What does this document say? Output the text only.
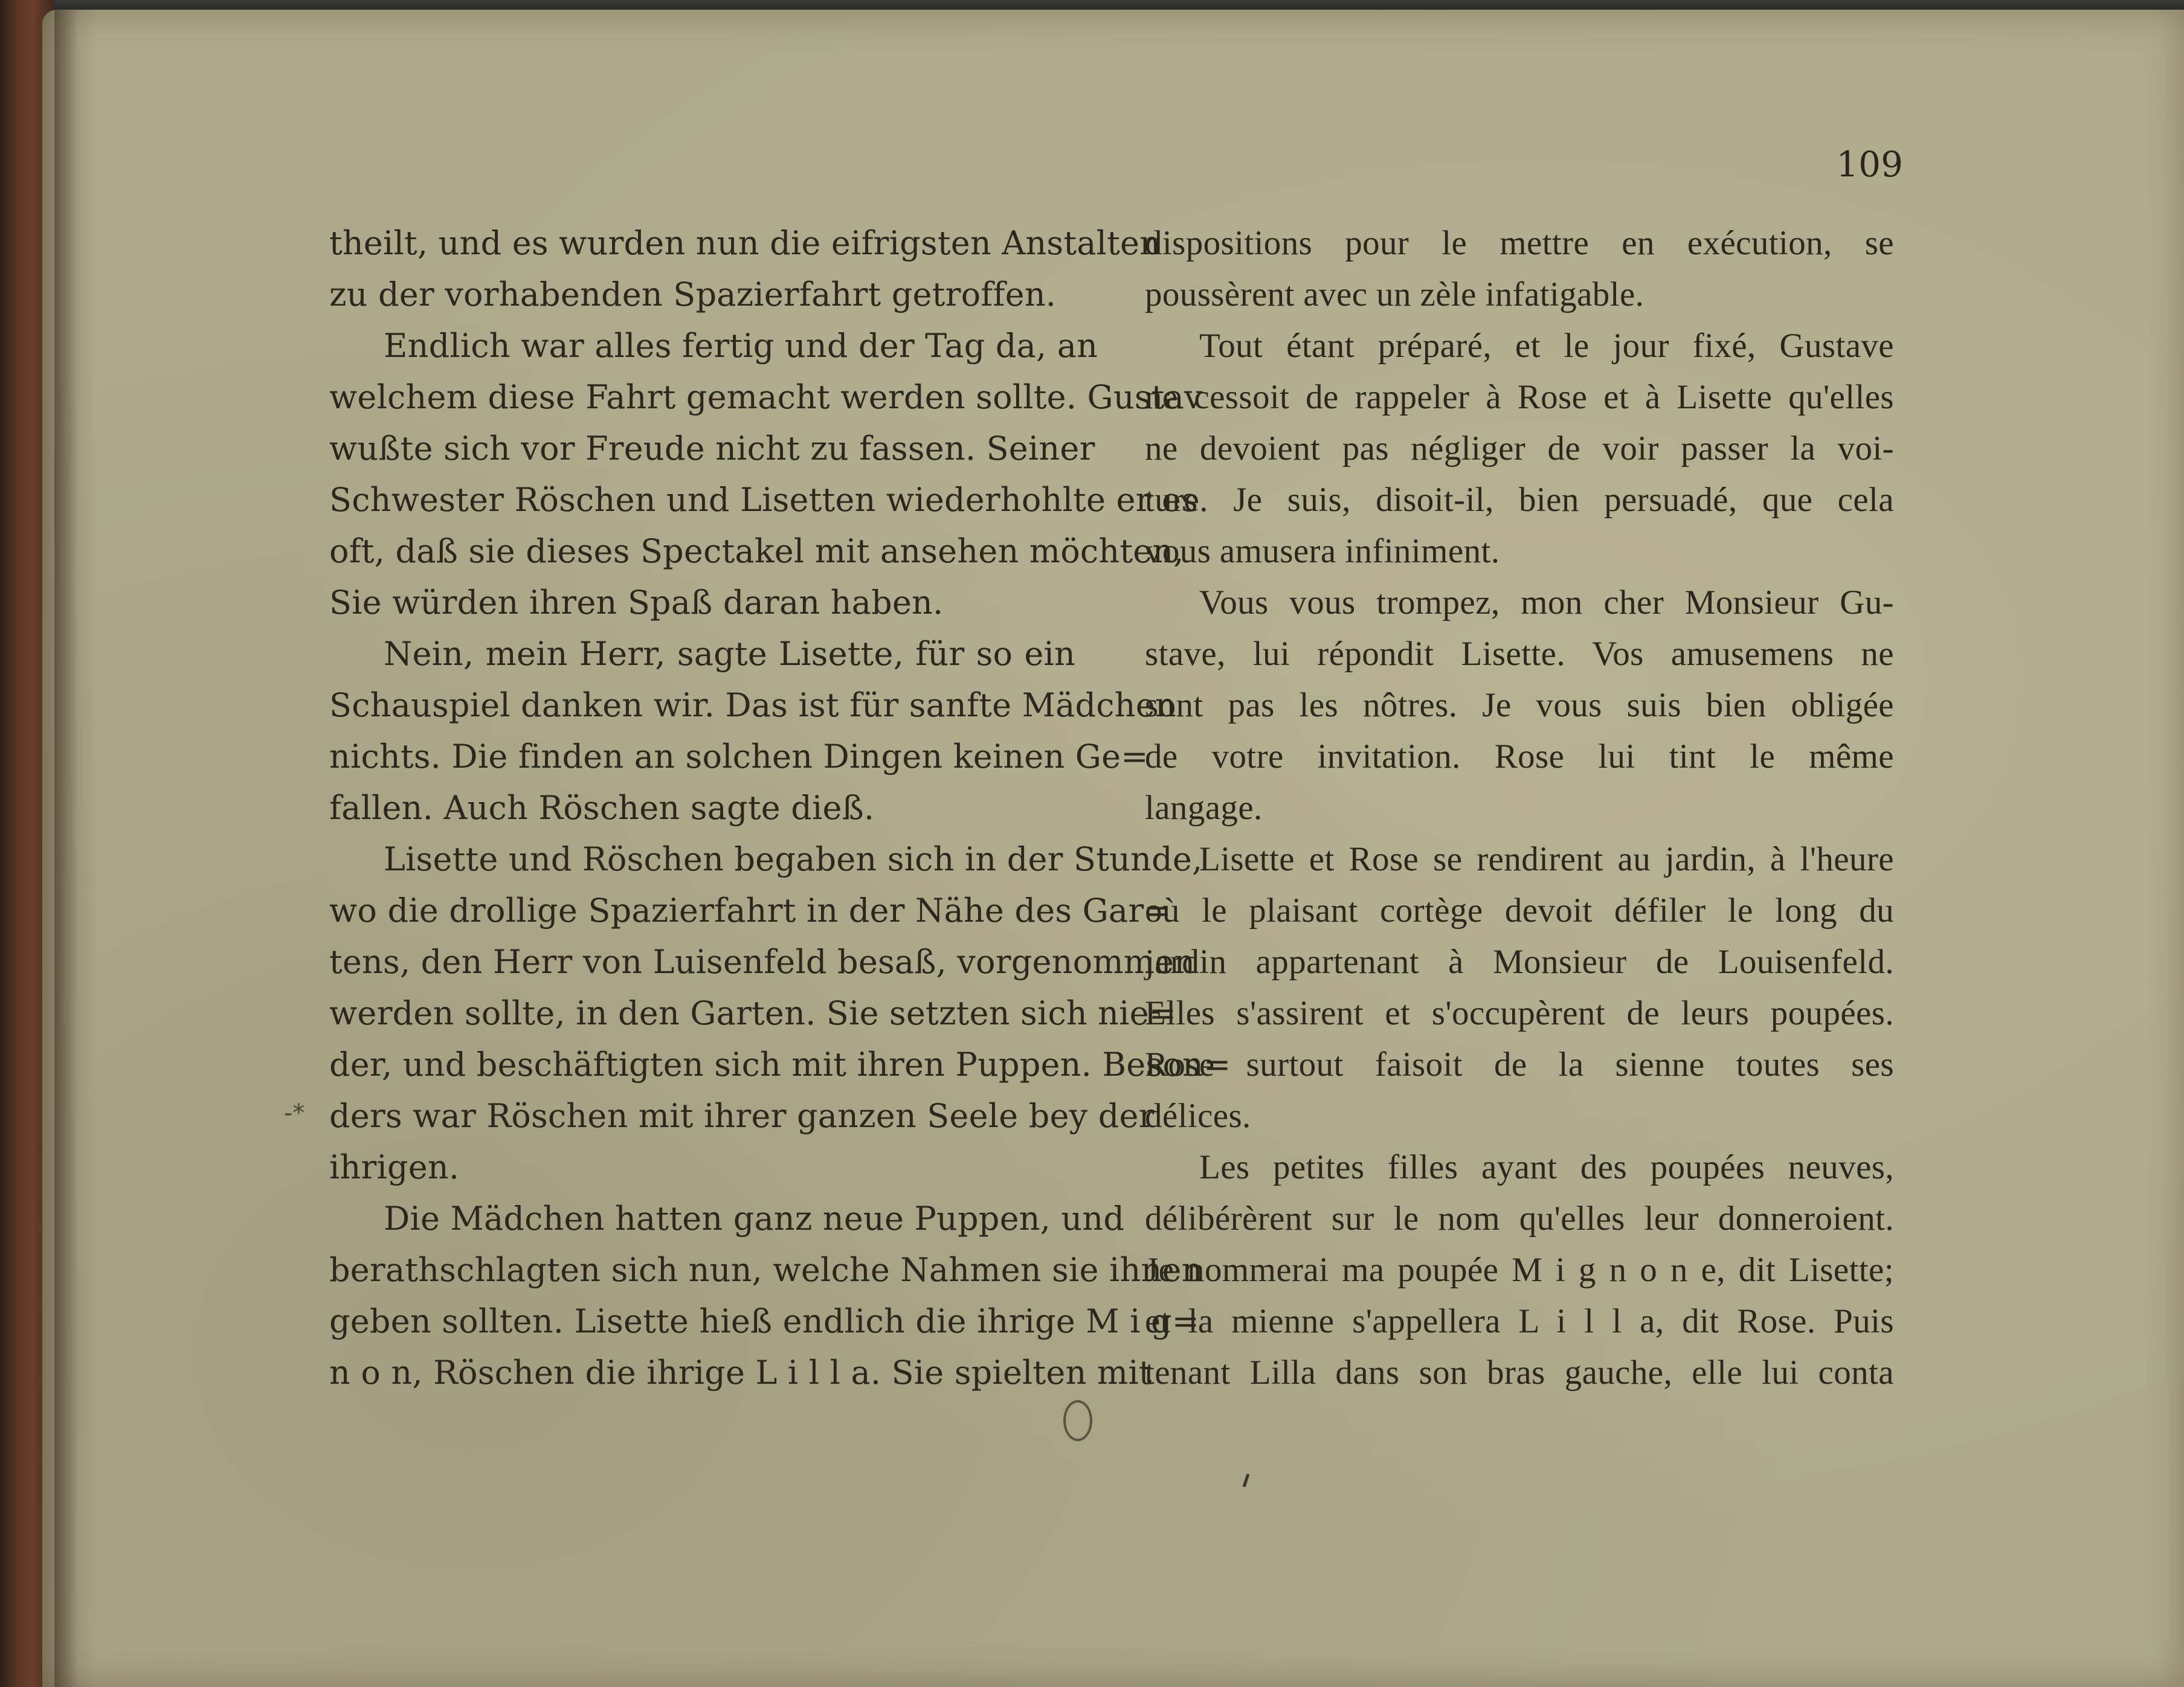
109
theilt, und es wurden nun die eifrigsten Anstalten
zu der vorhabenden Spazierfahrt getroffen.
Endlich war alles fertig und der Tag da, an
welchem diese Fahrt gemacht werden sollte. Gustav
wußte sich vor Freude nicht zu fassen. Seiner
Schwester Röschen und Lisetten wiederhohlte er es
oft, daß sie dieses Spectakel mit ansehen möchten,
Sie würden ihren Spaß daran haben.
Nein, mein Herr, sagte Lisette, für so ein
Schauspiel danken wir. Das ist für sanfte Mädchen
nichts. Die finden an solchen Dingen keinen Ge=
fallen. Auch Röschen sagte dieß.
Lisette und Röschen begaben sich in der Stunde,
wo die drollige Spazierfahrt in der Nähe des Gar=
tens, den Herr von Luisenfeld besaß, vorgenommen
werden sollte, in den Garten. Sie setzten sich nie=
der, und beschäftigten sich mit ihren Puppen. Beson=
ders war Röschen mit ihrer ganzen Seele bey der
ihrigen.
Die Mädchen hatten ganz neue Puppen, und
berathschlagten sich nun, welche Nahmen sie ihnen
geben sollten. Lisette hieß endlich die ihrige M i g=
n o n, Röschen die ihrige L i l l a. Sie spielten mit
dispositions pour le mettre en exécution, se
poussèrent avec un zèle infatigable.
Tout étant préparé, et le jour fixé, Gustave
ne cessoit de rappeler à Rose et à Lisette qu'elles
ne devoient pas négliger de voir passer la voi-
ture. Je suis, disoit-il, bien persuadé, que cela
vous amusera infiniment.
Vous vous trompez, mon cher Monsieur Gu-
stave, lui répondit Lisette. Vos amusemens ne
sont pas les nôtres. Je vous suis bien obligée
de votre invitation. Rose lui tint le même
langage.
Lisette et Rose se rendirent au jardin, à l'heure
où le plaisant cortège devoit défiler le long du
jardin appartenant à Monsieur de Louisenfeld.
Elles s'assirent et s'occupèrent de leurs poupées.
Rose surtout faisoit de la sienne toutes ses
délices.
Les petites filles ayant des poupées neuves,
délibérèrent sur le nom qu'elles leur donneroient.
Je nommerai ma poupée M i g n o n e, dit Lisette;
et la mienne s'appellera L i l l a, dit Rose. Puis
tenant Lilla dans son bras gauche, elle lui conta
-*
